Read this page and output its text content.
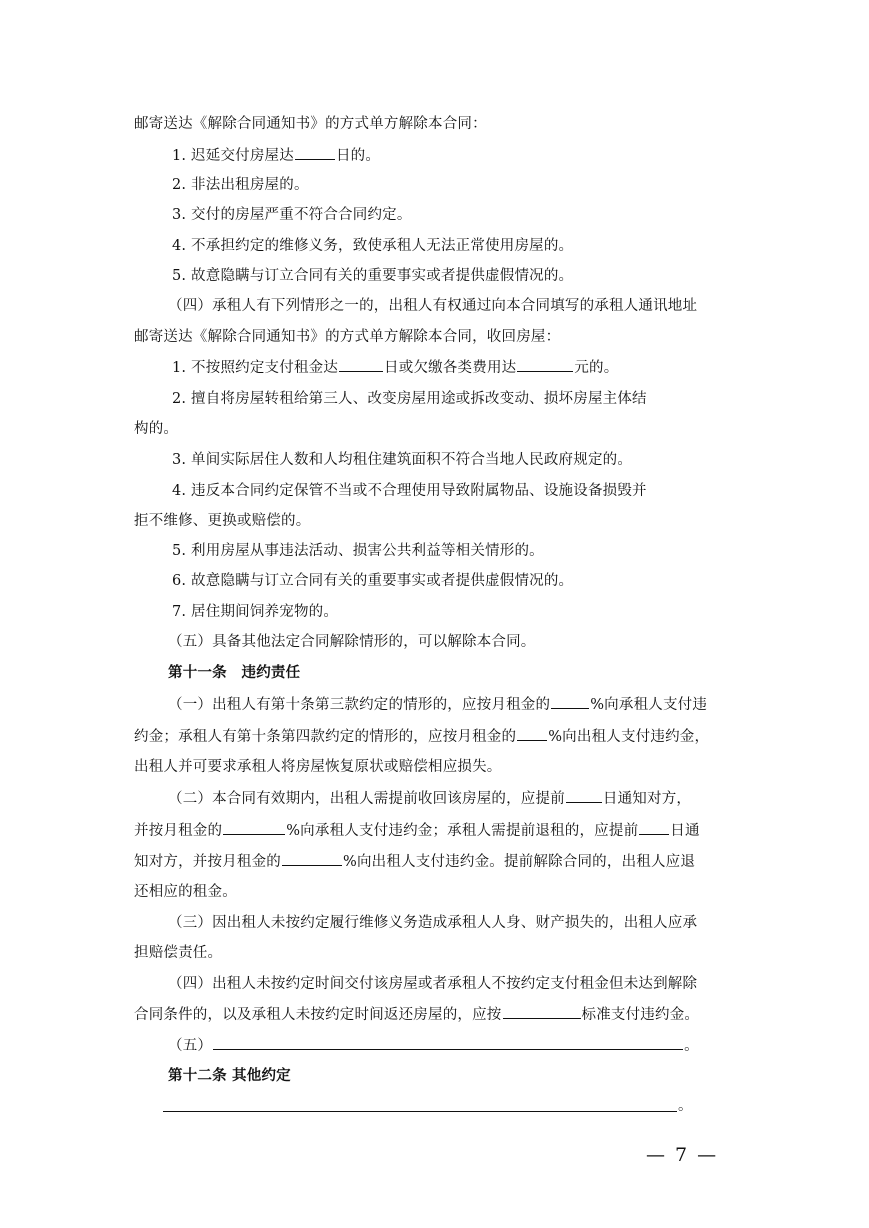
邮寄送达《解除合同通知书》的方式单方解除本合同：
1. 迟延交付房屋达	日的。
2. 非法出租房屋的。
3. 交付的房屋严重不符合合同约定。
4. 不承担约定的维修义务，致使承租人无法正常使用房屋的。
5. 故意隐瞒与订立合同有关的重要事实或者提供虚假情况的。
（四）承租人有下列情形之一的，出租人有权通过向本合同填写的承租人通讯地址
邮寄送达《解除合同通知书》的方式单方解除本合同，收回房屋：
1. 不按照约定支付租金达	日或欠缴各类费用达	元的。
2. 擅自将房屋转租给第三人、改变房屋用途或拆改变动、损坏房屋主体结
构的。
3. 单间实际居住人数和人均租住建筑面积不符合当地人民政府规定的。
4. 违反本合同约定保管不当或不合理使用导致附属物品、设施设备损毁并
拒不维修、更换或赔偿的。
5. 利用房屋从事违法活动、损害公共利益等相关情形的。
6. 故意隐瞒与订立合同有关的重要事实或者提供虚假情况的。
7. 居住期间饲养宠物的。
（五）具备其他法定合同解除情形的，可以解除本合同。
第十一条　违约责任
（一）出租人有第十条第三款约定的情形的，应按月租金的	%向承租人支付违
约金；承租人有第十条第四款约定的情形的，应按月租金的 %向出租人支付违约金，
出租人并可要求承租人将房屋恢复原状或赔偿相应损失。
（二）本合同有效期内，出租人需提前收回该房屋的，应提前	日通知对方，
并按月租金的	%向承租人支付违约金；承租人需提前退租的，应提前 日通
知对方，并按月租金的	%向出租人支付违约金。提前解除合同的，出租人应退
还相应的租金。
（三）因出租人未按约定履行维修义务造成承租人人身、财产损失的，出租人应承
担赔偿责任。
（四）出租人未按约定时间交付该房屋或者承租人不按约定支付租金但未达到解除
合同条件的，以及承租人未按约定时间返还房屋的，应按	标准支付违约金。
（五）	。
第十二条 其他约定
。
— 7 —
